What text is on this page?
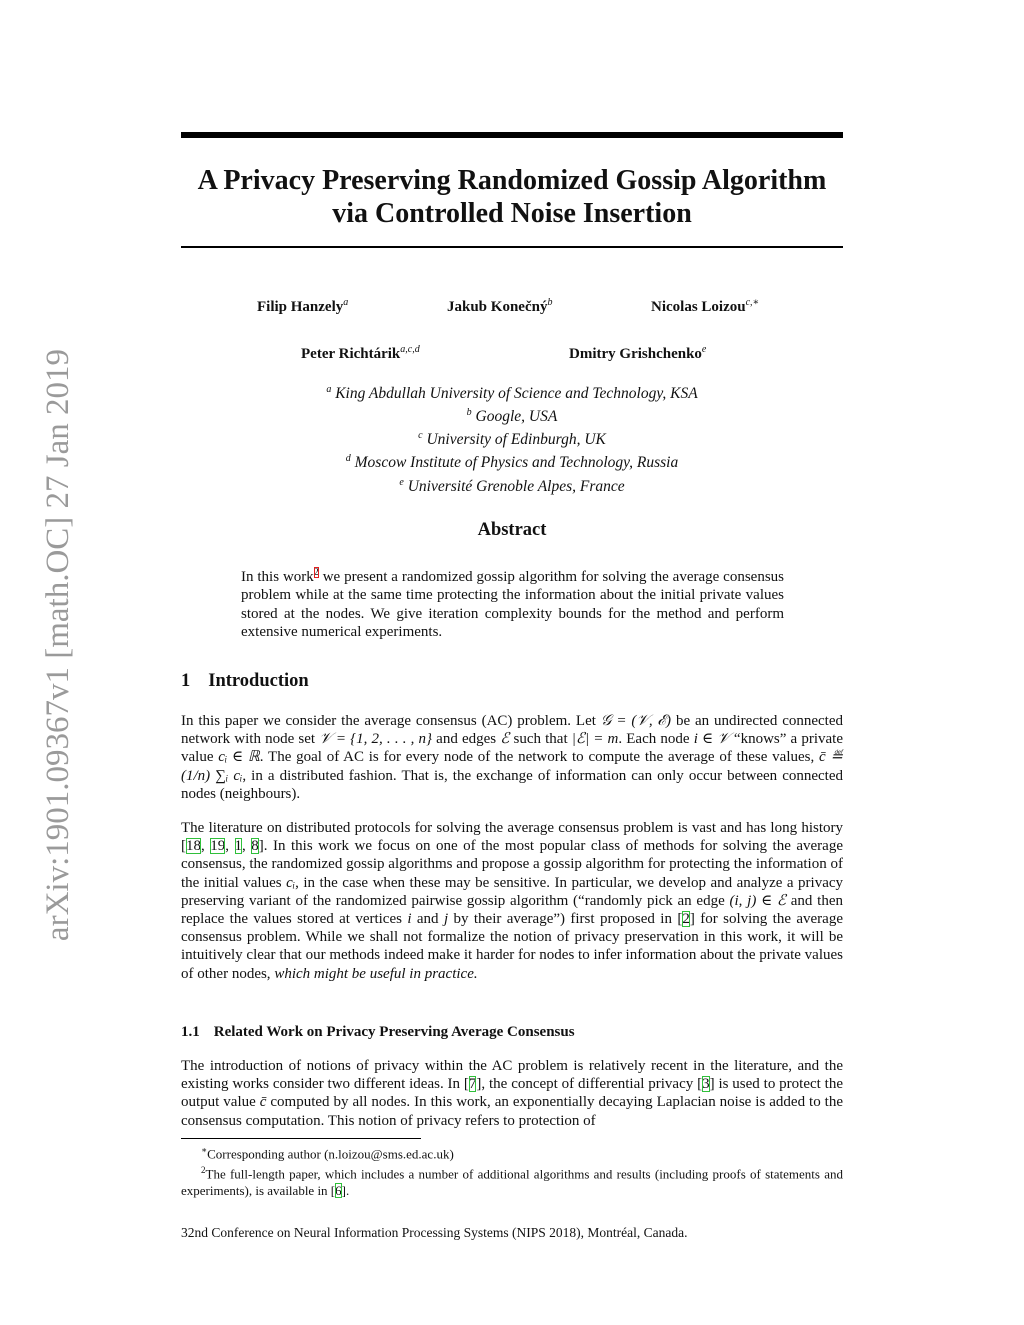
arXiv:1901.09367v1 [math.OC] 27 Jan 2019
A Privacy Preserving Randomized Gossip Algorithm
via Controlled Noise Insertion
Filip Hanzely$^a$	Jakub Konečný$^b$	Nicolas Loizou$^{c,∗}$
Peter Richtárik$^{a,c,d}$	Dmitry Grishchenko$^e$
$^a$ King Abdullah University of Science and Technology, KSA
$^b$ Google, USA
$^c$ University of Edinburgh, UK
$^d$ Moscow Institute of Physics and Technology, Russia
$^e$ Université Grenoble Alpes, France
Abstract
In this work$^2$ we present a randomized gossip algorithm for solving the average consensus problem while at the same time protecting the information about the initial private values stored at the nodes. We give iteration complexity bounds for the method and perform extensive numerical experiments.
1 Introduction
In this paper we consider the average consensus (AC) problem. Let 𝒢 = (𝒱, ℰ) be an undirected connected network with node set 𝒱 = {1, 2, . . . , n} and edges ℰ such that |ℰ| = m. Each node i ∈ 𝒱 “knows” a private value cᵢ ∈ ℝ. The goal of AC is for every node of the network to compute the average of these values, c̄ ≝ (1/n) ∑ᵢ cᵢ, in a distributed fashion. That is, the exchange of information can only occur between connected nodes (neighbours).
The literature on distributed protocols for solving the average consensus problem is vast and has long history [18, 19, 1, 8]. In this work we focus on one of the most popular class of methods for solving the average consensus, the randomized gossip algorithms and propose a gossip algorithm for protecting the information of the initial values cᵢ, in the case when these may be sensitive. In particular, we develop and analyze a privacy preserving variant of the randomized pairwise gossip algorithm (“randomly pick an edge (i, j) ∈ ℰ and then replace the values stored at vertices i and j by their average”) first proposed in [2] for solving the average consensus problem. While we shall not formalize the notion of privacy preservation in this work, it will be intuitively clear that our methods indeed make it harder for nodes to infer information about the private values of other nodes, which might be useful in practice.
1.1 Related Work on Privacy Preserving Average Consensus
The introduction of notions of privacy within the AC problem is relatively recent in the literature, and the existing works consider two different ideas. In [7], the concept of differential privacy [3] is used to protect the output value c̄ computed by all nodes. In this work, an exponentially decaying Laplacian noise is added to the consensus computation. This notion of privacy refers to protection of
∗Corresponding author (n.loizou@sms.ed.ac.uk)
$^2$The full-length paper, which includes a number of additional algorithms and results (including proofs of statements and experiments), is available in [6].
32nd Conference on Neural Information Processing Systems (NIPS 2018), Montréal, Canada.
